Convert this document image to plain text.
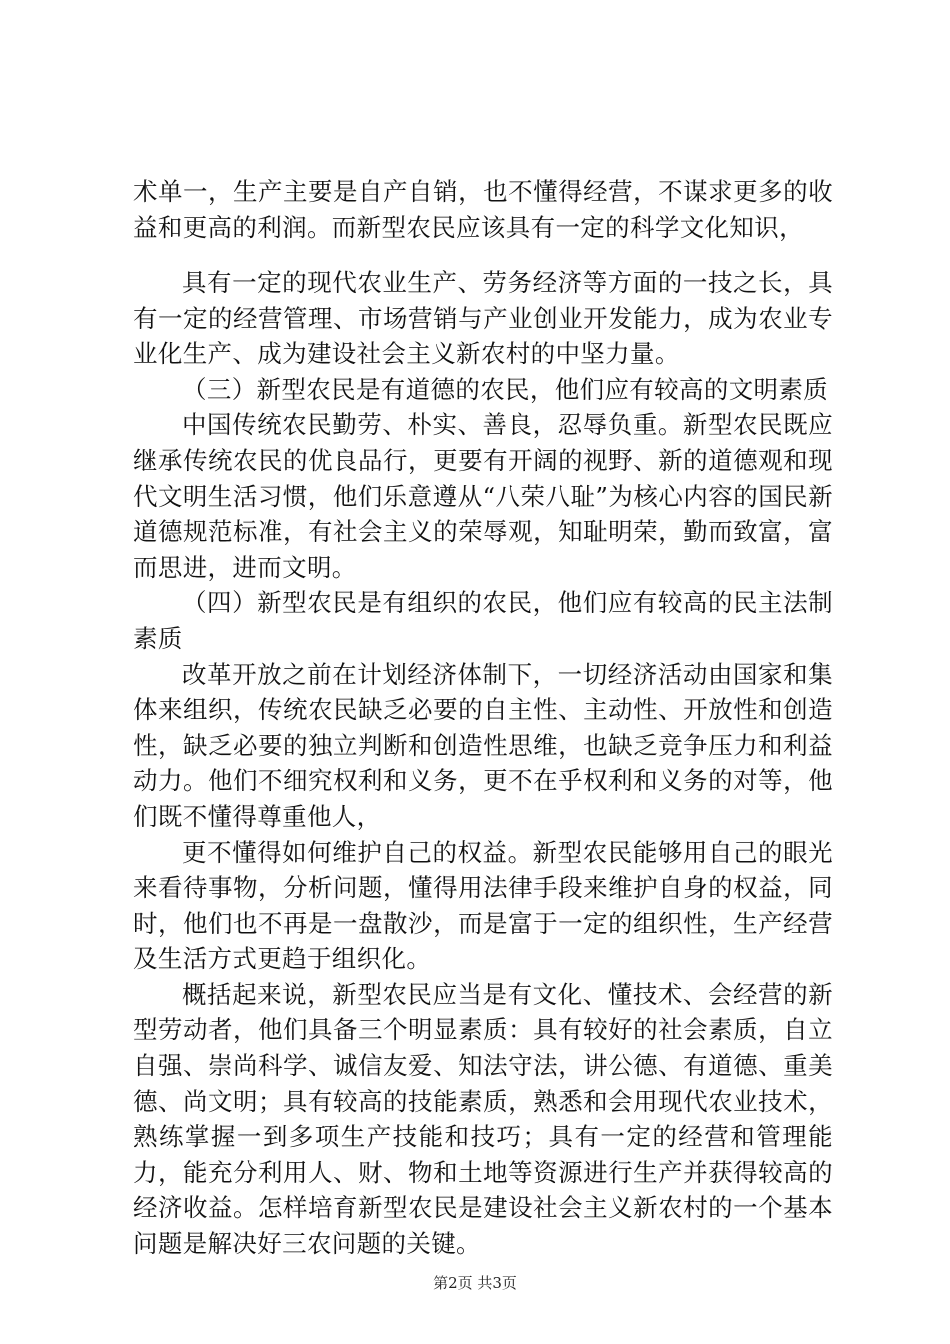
术单一，生产主要是自产自销，也不懂得经营，不谋求更多的收益和更高的利润。而新型农民应该具有一定的科学文化知识，

具有一定的现代农业生产、劳务经济等方面的一技之长，具有一定的经营管理、市场营销与产业创业开发能力，成为农业专业化生产、成为建设社会主义新农村的中坚力量。

（三）新型农民是有道德的农民，他们应有较高的文明素质

中国传统农民勤劳、朴实、善良，忍辱负重。新型农民既应继承传统农民的优良品行，更要有开阔的视野、新的道德观和现代文明生活习惯，他们乐意遵从“八荣八耻”为核心内容的国民新道德规范标准，有社会主义的荣辱观，知耻明荣，勤而致富，富而思进，进而文明。

（四）新型农民是有组织的农民，他们应有较高的民主法制素质

改革开放之前在计划经济体制下，一切经济活动由国家和集体来组织，传统农民缺乏必要的自主性、主动性、开放性和创造性，缺乏必要的独立判断和创造性思维，也缺乏竞争压力和利益动力。他们不细究权利和义务，更不在乎权利和义务的对等，他们既不懂得尊重他人，

更不懂得如何维护自己的权益。新型农民能够用自己的眼光来看待事物，分析问题，懂得用法律手段来维护自身的权益，同时，他们也不再是一盘散沙，而是富于一定的组织性，生产经营及生活方式更趋于组织化。

概括起来说，新型农民应当是有文化、懂技术、会经营的新型劳动者，他们具备三个明显素质：具有较好的社会素质，自立自强、崇尚科学、诚信友爱、知法守法，讲公德、有道德、重美德、尚文明；具有较高的技能素质，熟悉和会用现代农业技术，熟练掌握一到多项生产技能和技巧；具有一定的经营和管理能力，能充分利用人、财、物和土地等资源进行生产并获得较高的经济收益。怎样培育新型农民是建设社会主义新农村的一个基本问题是解决好三农问题的关键。

第2页 共3页
